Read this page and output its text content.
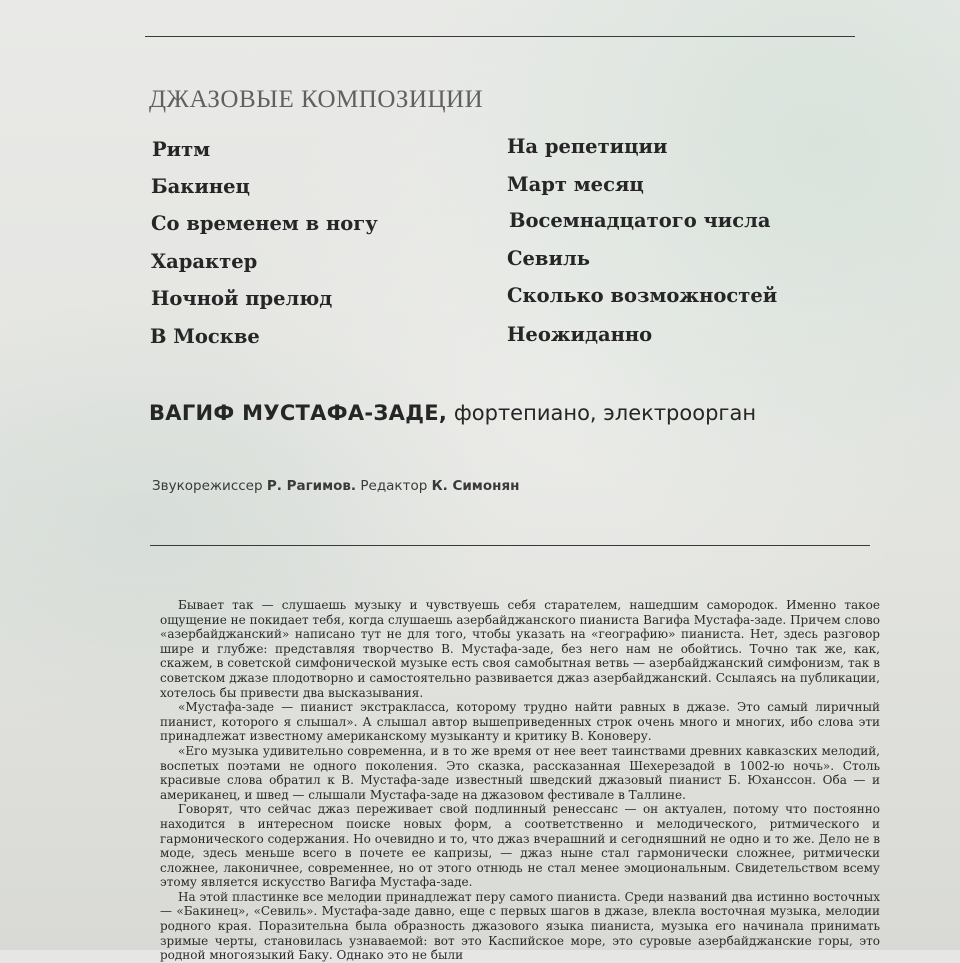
ДЖАЗОВЫЕ КОМПОЗИЦИИ
Ритм
Бакинец
Со временем в ногу
Характер
Ночной прелюд
В Москве
На репетиции
Март месяц
Восемнадцатого числа
Севиль
Сколько возможностей
Неожиданно
ВАГИФ МУСТАФА-ЗАДЕ, фортепиано, электроорган
Звукорежиссер Р. Рагимов. Редактор К. Симонян

Бывает так — слушаешь музыку и чувствуешь себя старателем, нашедшим самородок. Именно такое ощущение не покидает тебя, когда слушаешь азербайджанского пианиста Вагифа Мустафа-заде. Причем слово «азербайджанский» написано тут не для того, чтобы указать на «географию» пианиста. Нет, здесь разговор шире и глубже: представляя творчество В. Мустафа-заде, без него нам не обойтись. Точно так же, как, скажем, в советской симфонической музыке есть своя самобытная ветвь — азербайджанский симфонизм, так в советском джазе плодотворно и самостоятельно развивается джаз азербайджанский. Ссылаясь на публикации, хотелось бы привести два высказывания.

«Мустафа-заде — пианист экстракласса, которому трудно найти равных в джазе. Это самый лиричный пианист, которого я слышал». А слышал автор вышеприведенных строк очень много и многих, ибо слова эти принадлежат известному американскому музыканту и критику В. Коноверу.

«Его музыка удивительно современна, и в то же время от нее веет таинствами древних кавказских мелодий, воспетых поэтами не одного поколения. Это сказка, рассказанная Шехерезадой в 1002-ю ночь». Столь красивые слова обратил к В. Мустафа-заде известный шведский джазовый пианист Б. Юханссон. Оба — и американец, и швед — слышали Мустафа-заде на джазовом фестивале в Таллине.

Говорят, что сейчас джаз переживает свой подлинный ренессанс — он актуален, потому что постоянно находится в интересном поиске новых форм, а соответственно и мелодического, ритмического и гармонического содержания. Но очевидно и то, что джаз вчерашний и сегодняшний не одно и то же. Дело не в моде, здесь меньше всего в почете ее капризы, — джаз ныне стал гармонически сложнее, ритмически сложнее, лаконичнее, современнее, но от этого отнюдь не стал менее эмоциональным. Свидетельством всему этому является искусство Вагифа Мустафа-заде.

На этой пластинке все мелодии принадлежат перу самого пианиста. Среди названий два истинно восточных — «Бакинец», «Севиль». Мустафа-заде давно, еще с первых шагов в джазе, влекла восточная музыка, мелодии родного края. Поразительна была образность джазового языка пианиста, музыка его начинала принимать зримые черты, становилась узнаваемой: вот это Каспийское море, это суровые азербайджанские горы, это родной многоязыкий Баку. Однако это не были
